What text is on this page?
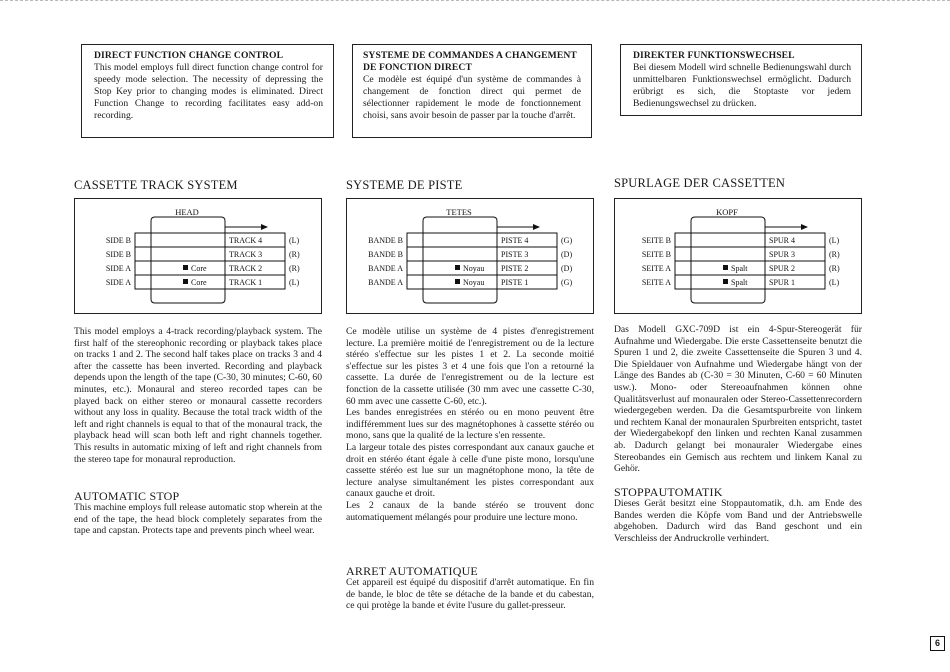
DIRECT FUNCTION CHANGE CONTROL
This model employs full direct function change control for speedy mode selection. The necessity of depressing the Stop Key prior to changing modes is eliminated. Direct Function Change to recording facilitates easy add-on recording.
SYSTEME DE COMMANDES A CHANGEMENT DE FONCTION DIRECT
Ce modèle est équipé d'un système de commandes à changement de fonction direct qui permet de sélectionner rapidement le mode de fonctionnement choisi, sans avoir besoin de passer par la touche d'arrêt.
DIREKTER FUNKTIONSWECHSEL
Bei diesem Modell wird schnelle Bedienungswahl durch unmittelbaren Funktionswechsel ermöglicht. Dadurch erübrigt es sich, die Stoptaste vor jedem Bedienungswechsel zu drücken.
CASSETTE TRACK SYSTEM	SYSTEME DE PISTE	SPURLAGE DER CASSETTEN
HEAD
SIDE B	TRACK 4	(L)
SIDE B	TRACK 3	(R)
SIDE A	TRACK 2	(R)
Core
SIDE A	TRACK 1	(L)
Core
TETES
BANDE B	PISTE 4	(G)
BANDE B	PISTE 3	(D)
BANDE A	PISTE 2	(D)
Noyau
BANDE A	PISTE 1	(G)
Noyau
KOPF
SEITE B	SPUR 4	(L)
SEITE B	SPUR 3	(R)
SEITE A	SPUR 2	(R)
Spalt
SEITE A	SPUR 1	(L)
Spalt

This model employs a 4-track recording/playback system. The first half of the stereophonic recording or playback takes place on tracks 1 and 2. The second half takes place on tracks 3 and 4 after the cassette has been inverted. Recording and playback depends upon the length of the tape (C-30, 30 minutes; C-60, 60 minutes, etc.). Monaural and stereo recorded tapes can be played back on either stereo or monaural cassette recorders without any loss in quality. Because the total track width of the left and right channels is equal to that of the monaural track, the playback head will scan both left and right channels together. This results in automatic mixing of left and right channels from the stereo tape for monaural reproduction.

AUTOMATIC STOP

This machine employs full release automatic stop wherein at the end of the tape, the head block completely separates from the tape and capstan. Protects tape and prevents pinch wheel wear.

Ce modèle utilise un système de 4 pistes d'enregistrement lecture. La première moitié de l'enregistrement ou de la lecture stéréo s'effectue sur les pistes 1 et 2. La seconde moitié s'effectue sur les pistes 3 et 4 une fois que l'on a retourné la cassette. La durée de l'enregistrement ou de la lecture est fonction de la cassette utilisée (30 mm avec une cassette C-30, 60 mm avec une cassette C-60, etc.).

Les bandes enregistrées en stéréo ou en mono peuvent être indifféremment lues sur des magnétophones à cassette stéréo ou mono, sans que la qualité de la lecture s'en ressente.

La largeur totale des pistes correspondant aux canaux gauche et droit en stéréo étant égale à celle d'une piste mono, lorsqu'une cassette stéréo est lue sur un magnétophone mono, la tête de lecture analyse simultanément les pistes correspondant aux canaux gauche et droit.

Les 2 canaux de la bande stéréo se trouvent donc automatiquement mélangés pour produire une lecture mono.

ARRET AUTOMATIQUE

Cet appareil est équipé du dispositif d'arrêt automatique. En fin de bande, le bloc de tête se détache de la bande et du cabestan, ce qui protège la bande et évite l'usure du gallet-presseur.

Das Modell GXC-709D ist ein 4-Spur-Stereogerät für Aufnahme und Wiedergabe. Die erste Cassettenseite benutzt die Spuren 1 und 2, die zweite Cassettenseite die Spuren 3 und 4. Die Spieldauer von Aufnahme und Wiedergabe hängt von der Länge des Bandes ab (C-30 = 30 Minuten, C-60 = 60 Minuten usw.). Mono- oder Stereoaufnahmen können ohne Qualitätsverlust auf monauralen oder Stereo-Cassettenrecordern wiedergegeben werden. Da die Gesamtspurbreite von linkem und rechtem Kanal der monauralen Spurbreiten entspricht, tastet der Wiedergabekopf den linken und rechten Kanal zusammen ab. Dadurch gelangt bei monauraler Wiedergabe eines Stereobandes ein Gemisch aus rechtem und linkem Kanal zu Gehör.

STOPPAUTOMATIK

Dieses Gerät besitzt eine Stoppautomatik, d.h. am Ende des Bandes werden die Köpfe vom Band und der Antriebswelle abgehoben. Dadurch wird das Band geschont und ein Verschleiss der Andruckrolle verhindert.

6
